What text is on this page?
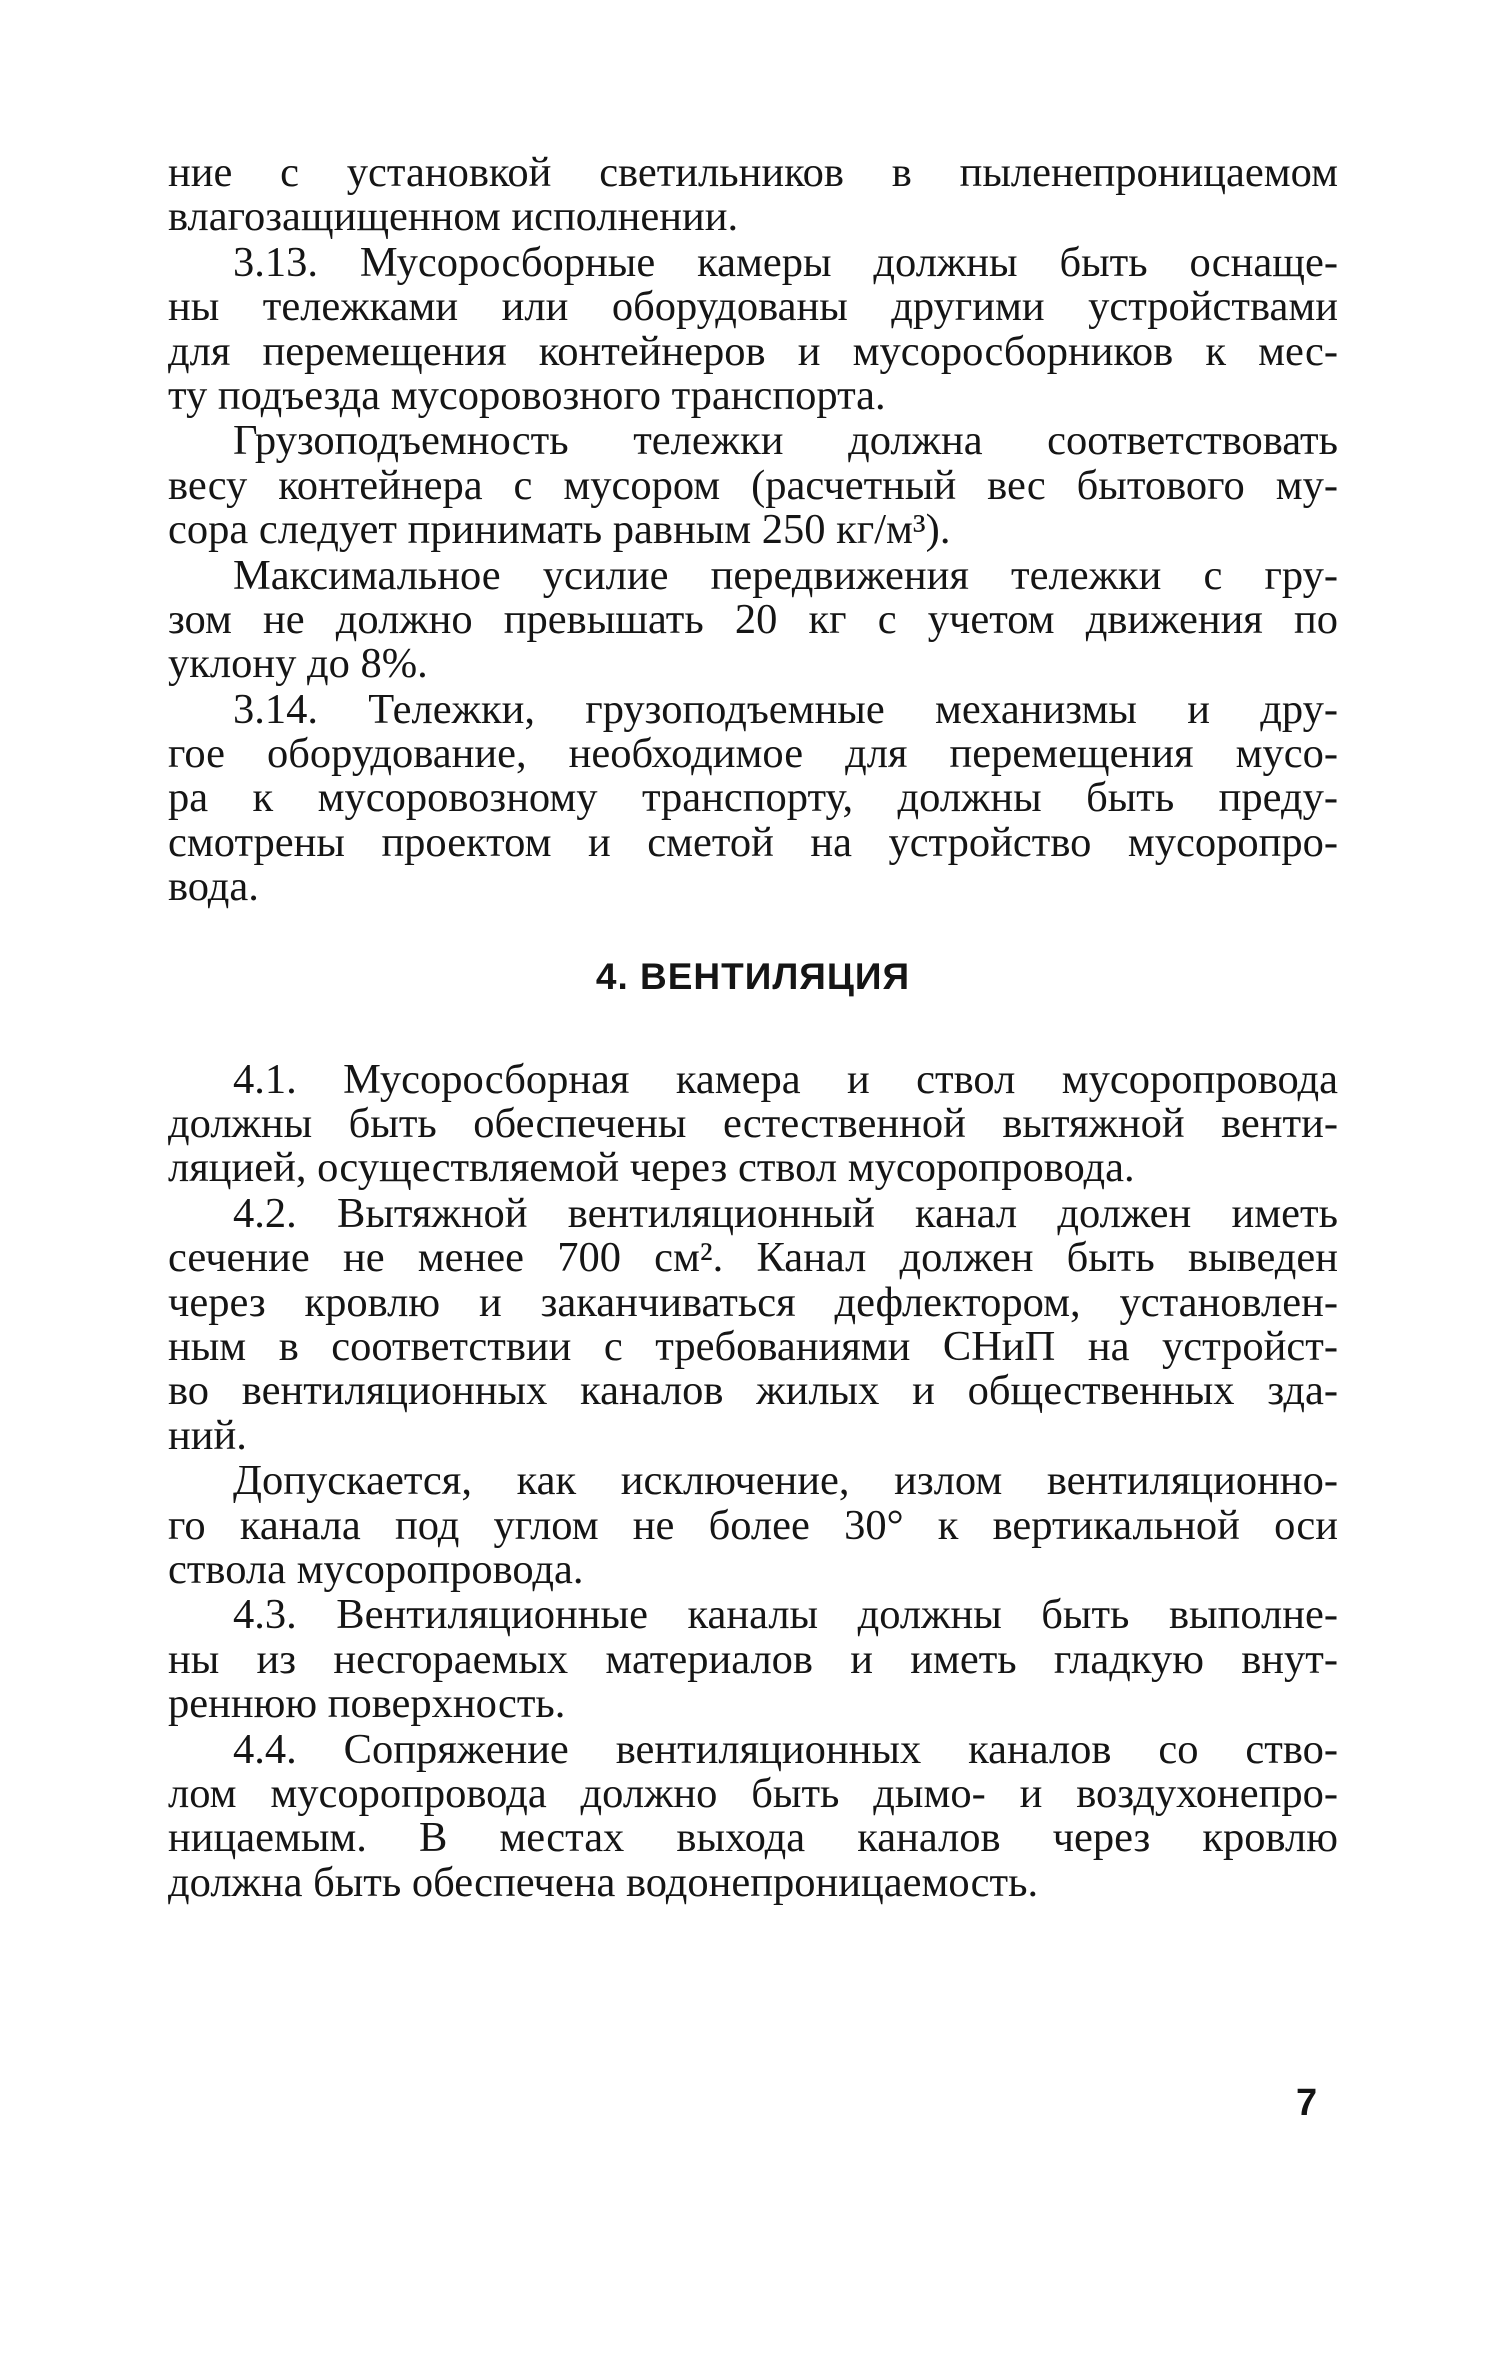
ние с установкой светильников в пыленепроницаемом
влагозащищенном исполнении.
3.13. Мусоросборные камеры должны быть оснаще-
ны тележками или оборудованы другими устройствами
для перемещения контейнеров и мусоросборников к мес-
ту подъезда мусоровозного транспорта.
Грузоподъемность тележки должна соответствовать
весу контейнера с мусором (расчетный вес бытового му-
сора следует принимать равным 250 кг/м³).
Максимальное усилие передвижения тележки с гру-
зом не должно превышать 20 кг с учетом движения по
уклону до 8%.
3.14. Тележки, грузоподъемные механизмы и дру-
гое оборудование, необходимое для перемещения мусо-
ра к мусоровозному транспорту, должны быть преду-
смотрены проектом и сметой на устройство мусоропро-
вода.
4. ВЕНТИЛЯЦИЯ
4.1. Мусоросборная камера и ствол мусоропровода
должны быть обеспечены естественной вытяжной венти-
ляцией, осуществляемой через ствол мусоропровода.
4.2. Вытяжной вентиляционный канал должен иметь
сечение не менее 700 см². Канал должен быть выведен
через кровлю и заканчиваться дефлектором, установлен-
ным в соответствии с требованиями СНиП на устройст-
во вентиляционных каналов жилых и общественных зда-
ний.
Допускается, как исключение, излом вентиляционно-
го канала под углом не более 30° к вертикальной оси
ствола мусоропровода.
4.3. Вентиляционные каналы должны быть выполне-
ны из несгораемых материалов и иметь гладкую внут-
реннюю поверхность.
4.4. Сопряжение вентиляционных каналов со ство-
лом мусоропровода должно быть дымо- и воздухонепро-
ницаемым. В местах выхода каналов через кровлю
должна быть обеспечена водонепроницаемость.
7
